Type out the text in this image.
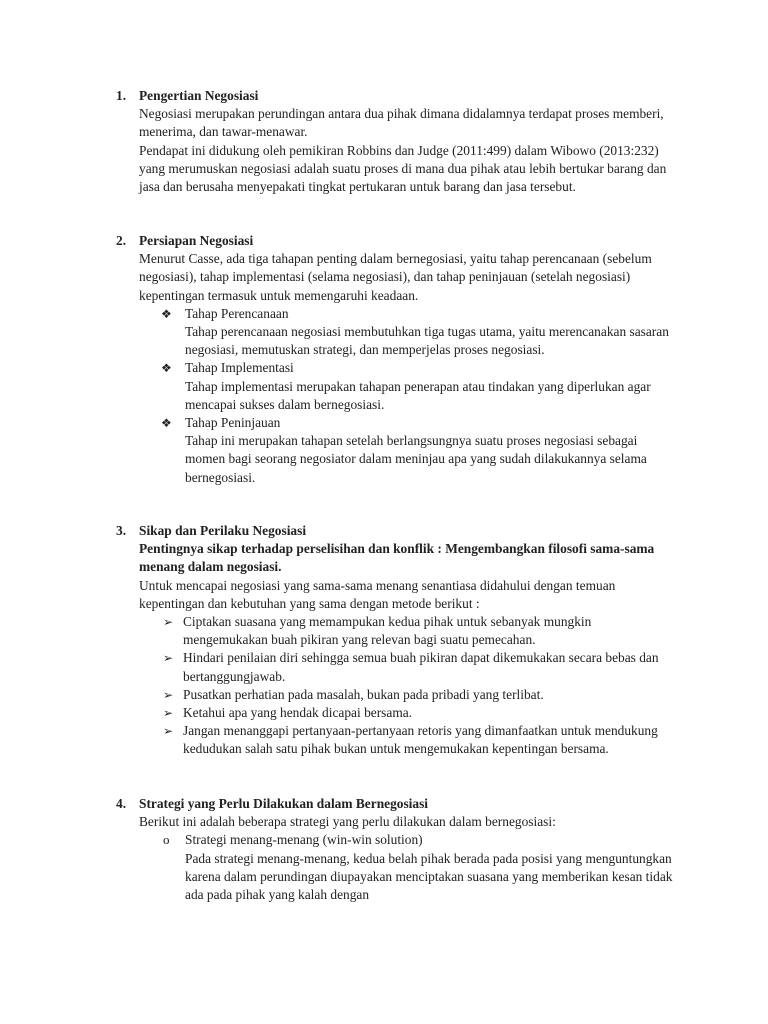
1. Pengertian Negosiasi

Negosiasi merupakan perundingan antara dua pihak dimana didalamnya terdapat proses memberi, menerima, dan tawar-menawar.

Pendapat ini didukung oleh pemikiran Robbins dan Judge (2011:499) dalam Wibowo (2013:232) yang merumuskan negosiasi adalah suatu proses di mana dua pihak atau lebih bertukar barang dan jasa dan berusaha menyepakati tingkat pertukaran untuk barang dan jasa tersebut.

2. Persiapan Negosiasi

Menurut Casse, ada tiga tahapan penting dalam bernegosiasi, yaitu tahap perencanaan (sebelum negosiasi), tahap implementasi (selama negosiasi), dan tahap peninjauan (setelah negosiasi) kepentingan termasuk untuk memengaruhi keadaan.

❖ Tahap Perencanaan
Tahap perencanaan negosiasi membutuhkan tiga tugas utama, yaitu merencanakan sasaran negosiasi, memutuskan strategi, dan memperjelas proses negosiasi.
❖ Tahap Implementasi
Tahap implementasi merupakan tahapan penerapan atau tindakan yang diperlukan agar mencapai sukses dalam bernegosiasi.
❖ Tahap Peninjauan
Tahap ini merupakan tahapan setelah berlangsungnya suatu proses negosiasi sebagai momen bagi seorang negosiator dalam meninjau apa yang sudah dilakukannya selama bernegosiasi.
3. Sikap dan Perilaku Negosiasi

Pentingnya sikap terhadap perselisihan dan konflik : Mengembangkan filosofi sama-sama menang dalam negosiasi.

Untuk mencapai negosiasi yang sama-sama menang senantiasa didahului dengan temuan kepentingan dan kebutuhan yang sama dengan metode berikut :

➢ Ciptakan suasana yang memampukan kedua pihak untuk sebanyak mungkin mengemukakan buah pikiran yang relevan bagi suatu pemecahan.
➢ Hindari penilaian diri sehingga semua buah pikiran dapat dikemukakan secara bebas dan bertanggungjawab.
➢ Pusatkan perhatian pada masalah, bukan pada pribadi yang terlibat.
➢ Ketahui apa yang hendak dicapai bersama.
➢ Jangan menanggapi pertanyaan-pertanyaan retoris yang dimanfaatkan untuk mendukung kedudukan salah satu pihak bukan untuk mengemukakan kepentingan bersama.
4. Strategi yang Perlu Dilakukan dalam Bernegosiasi

Berikut ini adalah beberapa strategi yang perlu dilakukan dalam bernegosiasi:

o Strategi menang-menang (win-win solution)
Pada strategi menang-menang, kedua belah pihak berada pada posisi yang menguntungkan karena dalam perundingan diupayakan menciptakan suasana yang memberikan kesan tidak ada pada pihak yang kalah dengan
